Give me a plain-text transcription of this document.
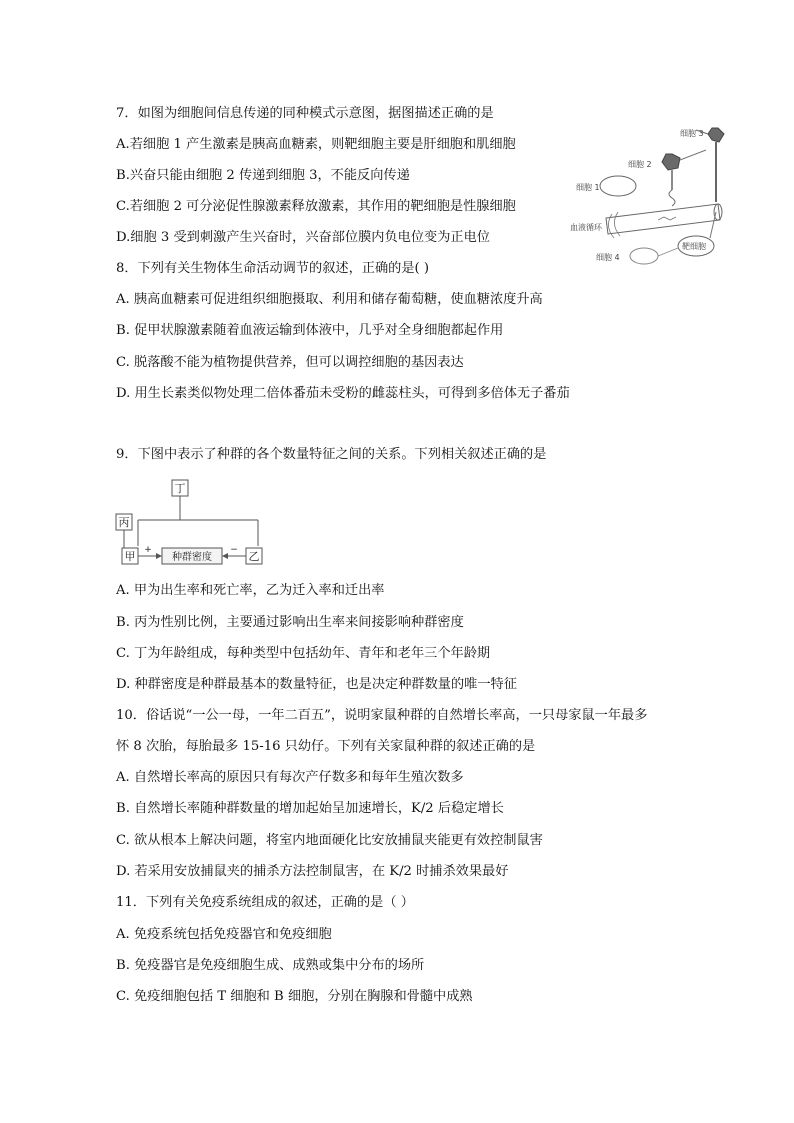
7．如图为细胞间信息传递的同种模式示意图，据图描述正确的是
A.若细胞 1 产生激素是胰高血糖素，则靶细胞主要是肝细胞和肌细胞
B.兴奋只能由细胞 2 传递到细胞 3，不能反向传递
C.若细胞 2 可分泌促性腺激素释放激素，其作用的靶细胞是性腺细胞
D.细胞 3 受到刺激产生兴奋时，兴奋部位膜内负电位变为正电位
细胞 3
细胞 2
细胞 1
血液循环
靶细胞
细胞 4
8．下列有关生物体生命活动调节的叙述，正确的是( )
A. 胰高血糖素可促进组织细胞摄取、利用和储存葡萄糖，使血糖浓度升高
B. 促甲状腺激素随着血液运输到体液中，几乎对全身细胞都起作用
C. 脱落酸不能为植物提供营养，但可以调控细胞的基因表达
D. 用生长素类似物处理二倍体番茄未受粉的雌蕊柱头，可得到多倍体无子番茄
9．下图中表示了种群的各个数量特征之间的关系。下列相关叙述正确的是
丁
丙
甲	种群密度	乙
+	−
A. 甲为出生率和死亡率，乙为迁入率和迁出率
B. 丙为性别比例，主要通过影响出生率来间接影响种群密度
C. 丁为年龄组成，每种类型中包括幼年、青年和老年三个年龄期
D. 种群密度是种群最基本的数量特征，也是决定种群数量的唯一特征
10．俗话说“一公一母，一年二百五”，说明家鼠种群的自然增长率高，一只母家鼠一年最多
怀 8 次胎，每胎最多 15-16 只幼仔。下列有关家鼠种群的叙述正确的是
A. 自然增长率高的原因只有每次产仔数多和每年生殖次数多
B. 自然增长率随种群数量的增加起始呈加速增长，K/2 后稳定增长
C. 欲从根本上解决问题，将室内地面硬化比安放捕鼠夹能更有效控制鼠害
D. 若采用安放捕鼠夹的捕杀方法控制鼠害，在 K/2 时捕杀效果最好
11．下列有关免疫系统组成的叙述，正确的是（ ）
A. 免疫系统包括免疫器官和免疫细胞
B. 免疫器官是免疫细胞生成、成熟或集中分布的场所
C. 免疫细胞包括 T 细胞和 B 细胞，分别在胸腺和骨髓中成熟
